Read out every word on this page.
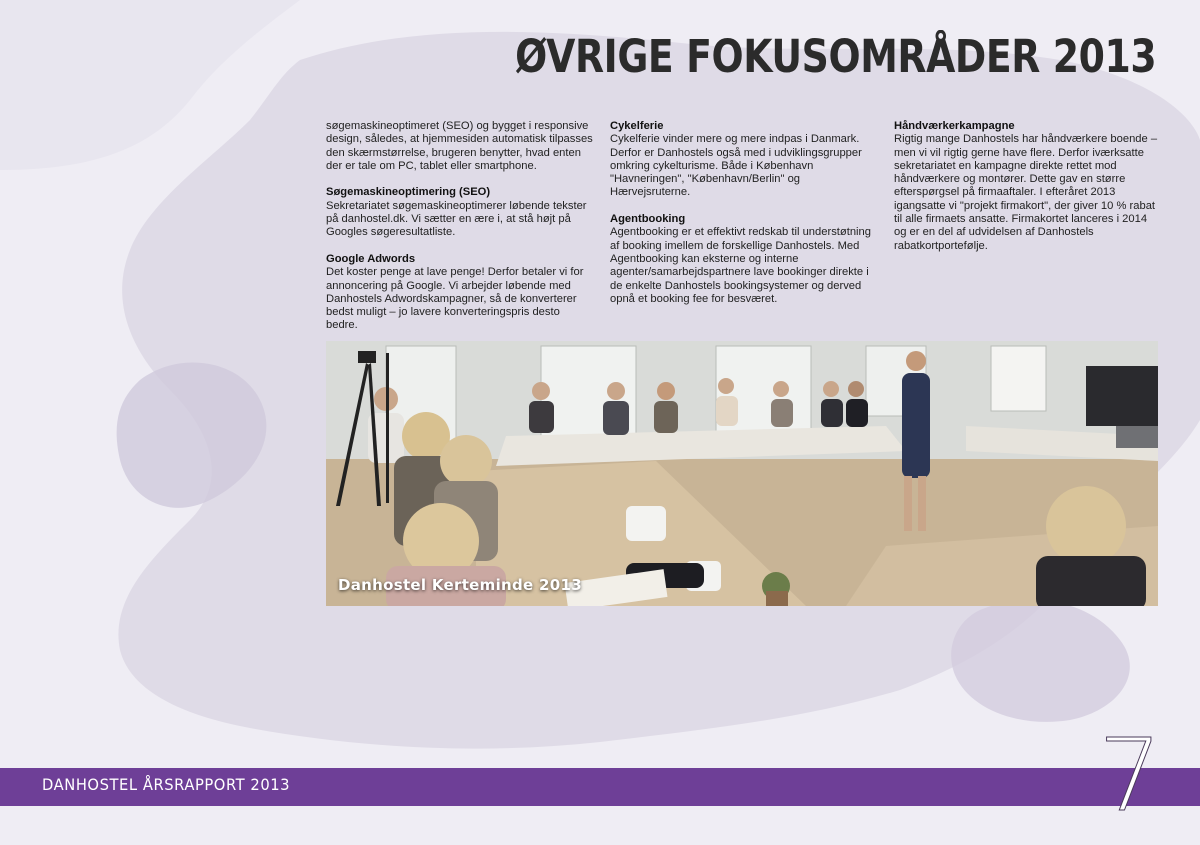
ØVRIGE FOKUSOMRÅDER 2013

søgemaskineoptimeret (SEO) og bygget i responsive design, således, at hjemmesiden automatisk tilpasses den skærmstørrelse, brugeren benytter, hvad enten der er tale om PC, tablet eller smartphone.

Søgemaskineoptimering (SEO)

Sekretariatet søgemaskineoptimerer løbende tekster på danhostel.dk. Vi sætter en ære i, at stå højt på Googles søgeresultatliste.

Google Adwords

Det koster penge at lave penge! Derfor betaler vi for annoncering på Google. Vi arbejder løbende med Danhostels Adwordskampagner, så de konverterer bedst muligt – jo lavere konverteringspris desto bedre.

Cykelferie

Cykelferie vinder mere og mere indpas i Danmark. Derfor er Danhostels også med i udviklingsgrupper omkring cykelturisme. Både i København "Havneringen", "København/Berlin" og Hærvejsruterne.

Agentbooking

Agentbooking er et effektivt redskab til understøtning af booking imellem de forskellige Danhostels. Med Agentbooking kan eksterne og interne agenter/samarbejdspartnere lave bookinger direkte i de enkelte Danhostels bookingsystemer og derved opnå et booking fee for besværet.

Håndværkerkampagne

Rigtig mange Danhostels har håndværkere boende – men vi vil rigtig gerne have flere. Derfor iværksatte sekretariatet en kampagne direkte rettet mod håndværkere og montører. Dette gav en større efterspørgsel på firmaaftaler. I efteråret 2013 igangsatte vi "projekt firmakort", der giver 10 % rabat til alle firmaets ansatte. Firmakortet lanceres i 2014 og er en del af udvidelsen af Danhostels rabatkortportefølje.

Danhostel Kerteminde 2013
DANHOSTEL ÅRSRAPPORT 2013	7
